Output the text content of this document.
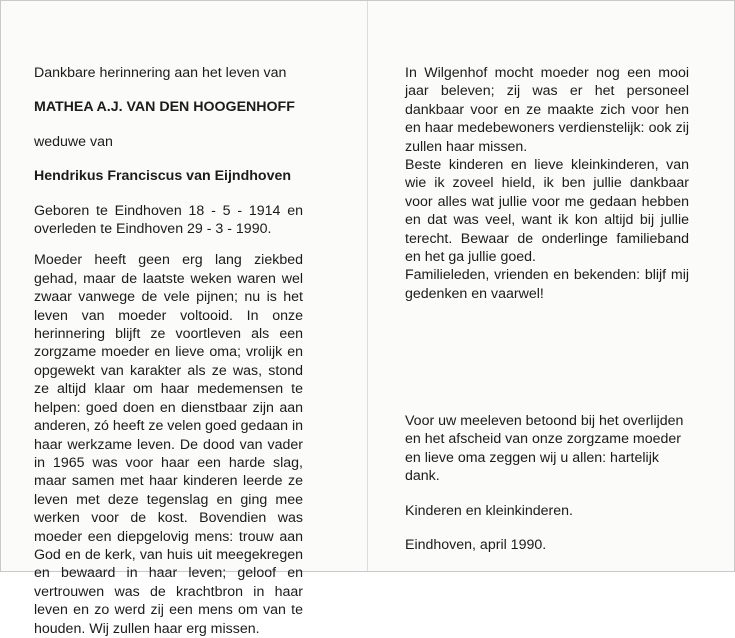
Dankbare herinnering aan het leven van

MATHEA A.J. VAN DEN HOOGENHOFF

weduwe van

Hendrikus Franciscus van Eijndhoven

Geboren te Eindhoven 18 - 5 - 1914 en overleden te Eindhoven 29 - 3 - 1990.

Moeder heeft geen erg lang ziekbed gehad, maar de laatste weken waren wel zwaar vanwege de vele pijnen; nu is het leven van moeder voltooid. In onze herinnering blijft ze voortleven als een zorgzame moeder en lieve oma; vrolijk en opgewekt van karakter als ze was, stond ze altijd klaar om haar medemensen te helpen: goed doen en dienstbaar zijn aan anderen, zó heeft ze velen goed gedaan in haar werkzame leven. De dood van vader in 1965 was voor haar een harde slag, maar samen met haar kinderen leerde ze leven met deze tegenslag en ging mee werken voor de kost. Bovendien was moeder een diepgelovig mens: trouw aan God en de kerk, van huis uit meegekregen en bewaard in haar leven; geloof en vertrouwen was de krachtbron in haar leven en zo werd zij een mens om van te houden. Wij zullen haar erg missen.

In Wilgenhof mocht moeder nog een mooi jaar beleven; zij was er het personeel dankbaar voor en ze maakte zich voor hen en haar medebewoners verdienstelijk: ook zij zullen haar missen.

Beste kinderen en lieve kleinkinderen, van wie ik zoveel hield, ik ben jullie dankbaar voor alles wat jullie voor me gedaan hebben en dat was veel, want ik kon altijd bij jullie terecht. Bewaar de onderlinge familieband en het ga jullie goed.

Familieleden, vrienden en bekenden: blijf mij gedenken en vaarwel!

Voor uw meeleven betoond bij het overlijden en het afscheid van onze zorgzame moeder en lieve oma zeggen wij u allen: hartelijk dank.

Kinderen en kleinkinderen.

Eindhoven, april 1990.
